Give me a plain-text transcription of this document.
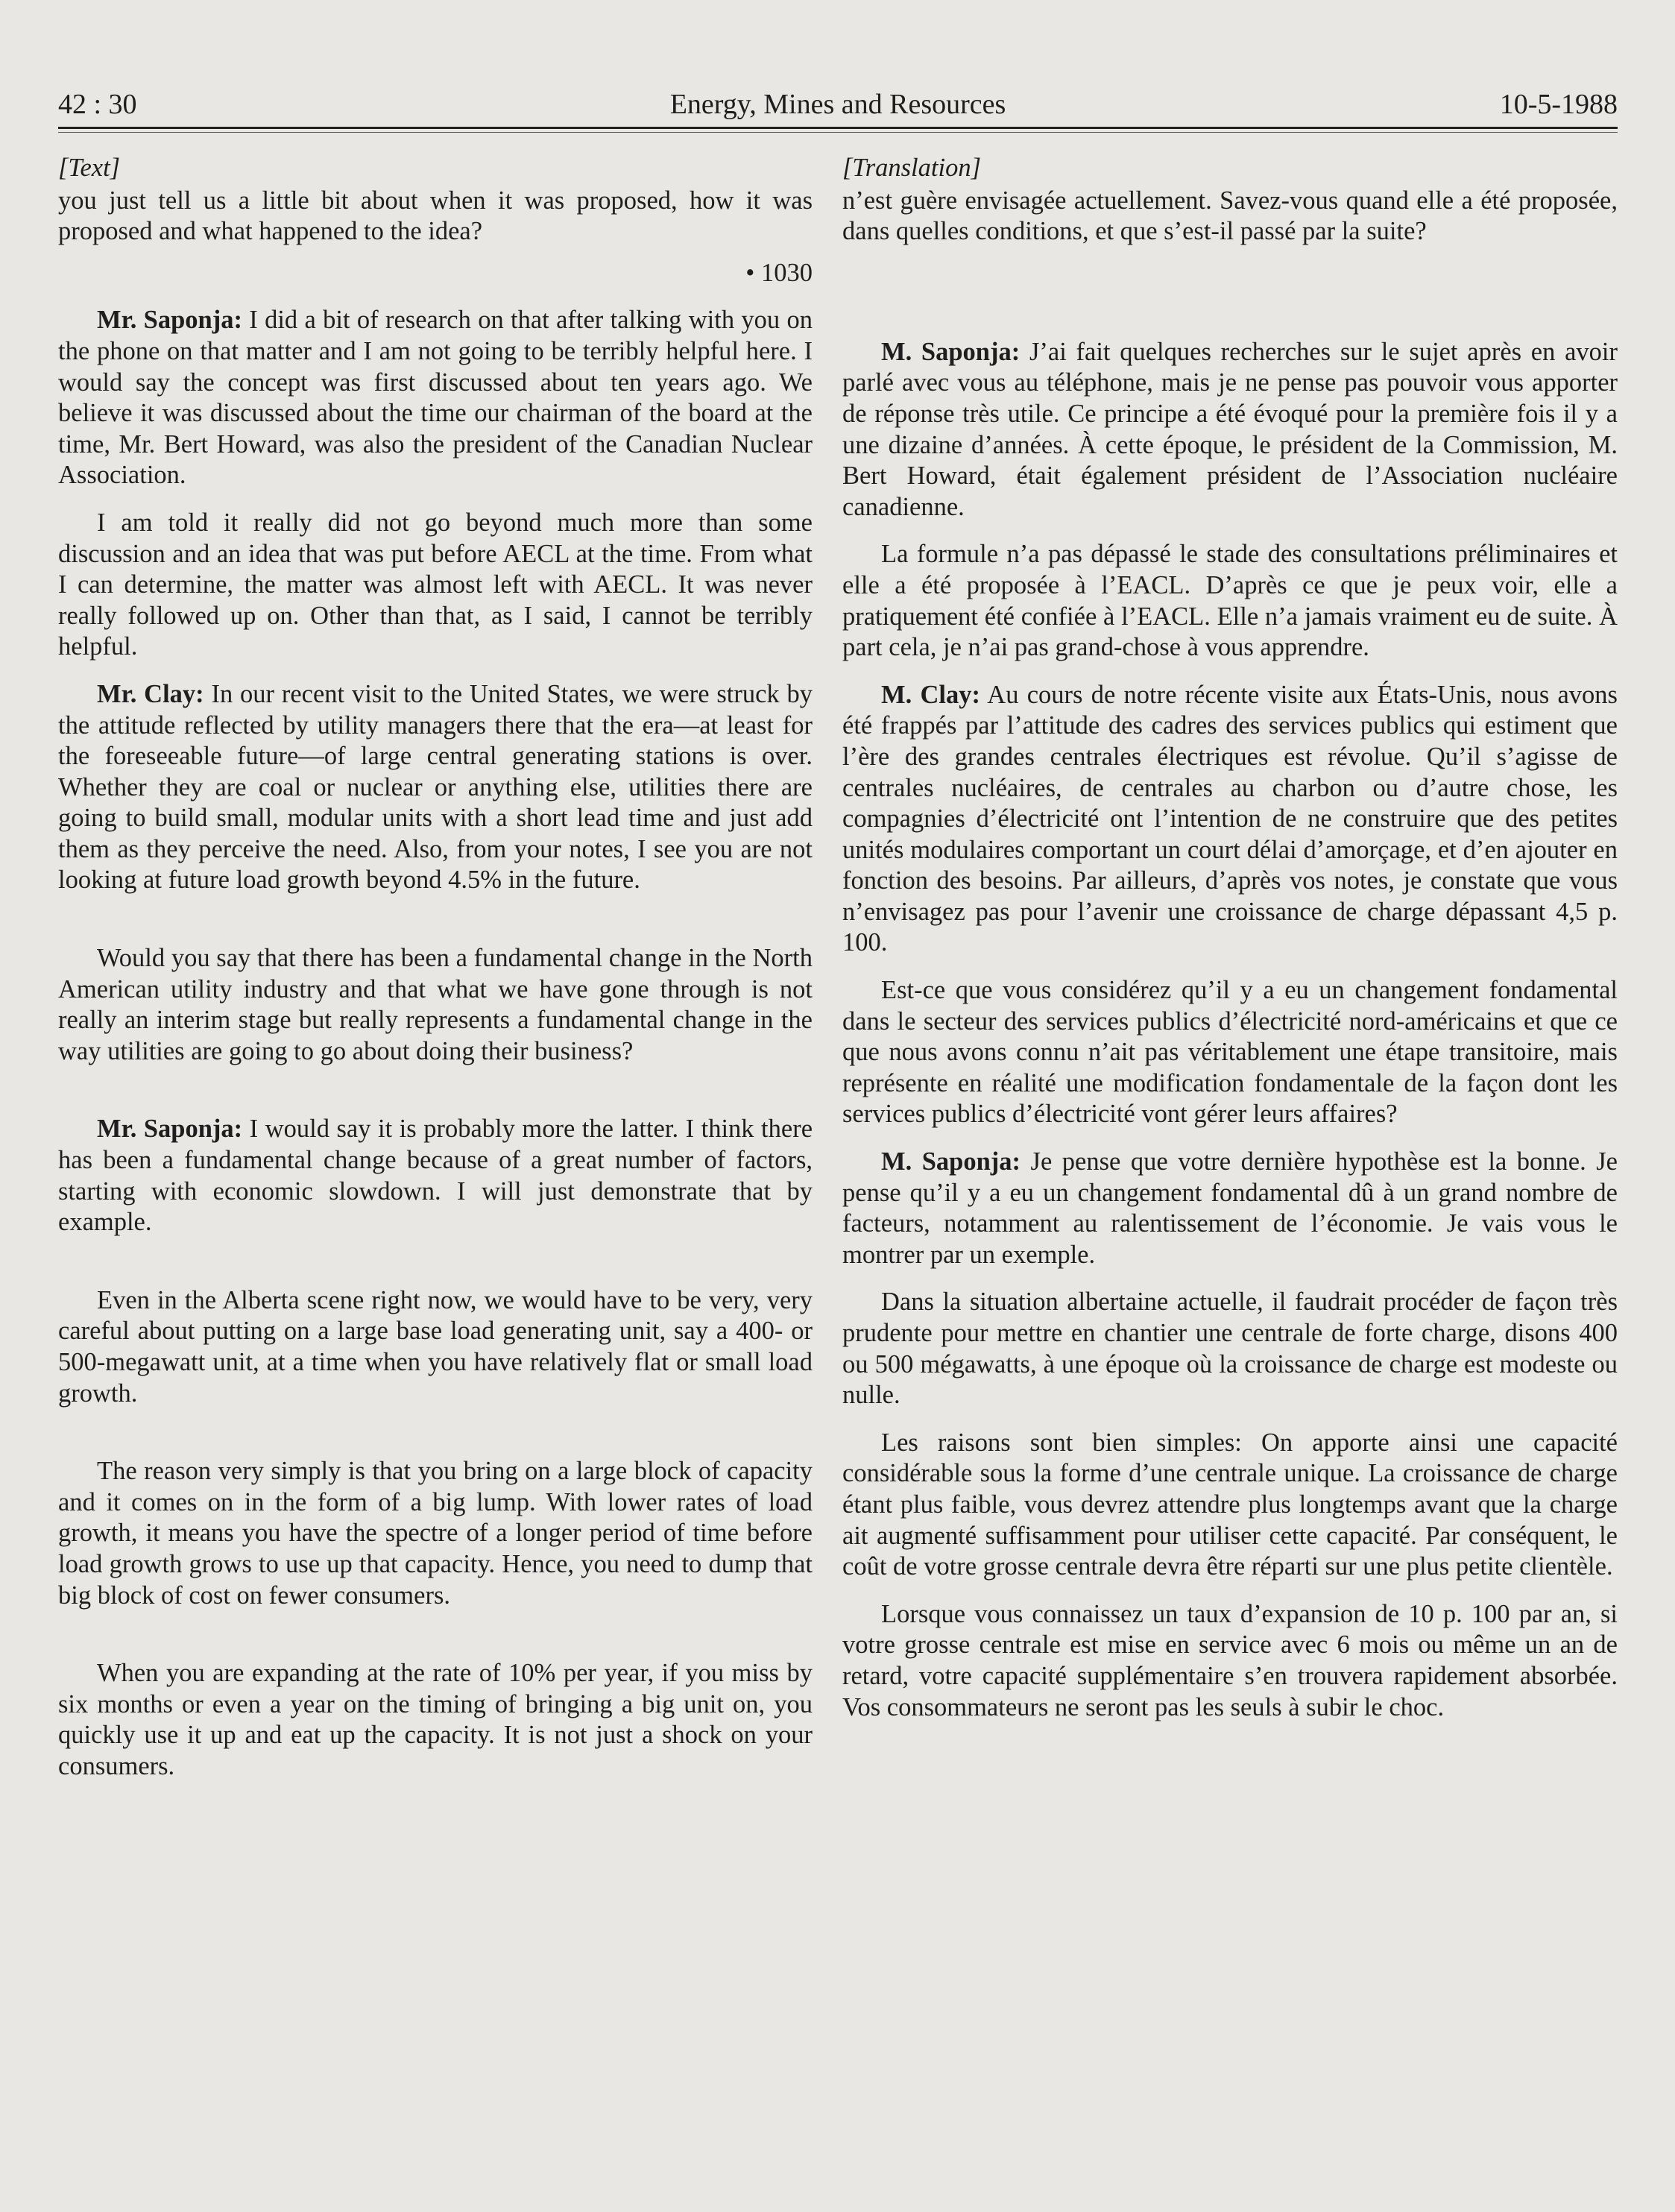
42 : 30	Energy, Mines and Resources	10-5-1988
[Text]

you just tell us a little bit about when it was proposed, how it was proposed and what happened to the idea?

• 1030

Mr. Saponja: I did a bit of research on that after talking with you on the phone on that matter and I am not going to be terribly helpful here. I would say the concept was first discussed about ten years ago. We believe it was discussed about the time our chairman of the board at the time, Mr. Bert Howard, was also the president of the Canadian Nuclear Association.

I am told it really did not go beyond much more than some discussion and an idea that was put before AECL at the time. From what I can determine, the matter was almost left with AECL. It was never really followed up on. Other than that, as I said, I cannot be terribly helpful.

Mr. Clay: In our recent visit to the United States, we were struck by the attitude reflected by utility managers there that the era—at least for the foreseeable future—of large central generating stations is over. Whether they are coal or nuclear or anything else, utilities there are going to build small, modular units with a short lead time and just add them as they perceive the need. Also, from your notes, I see you are not looking at future load growth beyond 4.5% in the future.

Would you say that there has been a fundamental change in the North American utility industry and that what we have gone through is not really an interim stage but really represents a fundamental change in the way utilities are going to go about doing their business?

Mr. Saponja: I would say it is probably more the latter. I think there has been a fundamental change because of a great number of factors, starting with economic slowdown. I will just demonstrate that by example.

Even in the Alberta scene right now, we would have to be very, very careful about putting on a large base load generating unit, say a 400- or 500-megawatt unit, at a time when you have relatively flat or small load growth.

The reason very simply is that you bring on a large block of capacity and it comes on in the form of a big lump. With lower rates of load growth, it means you have the spectre of a longer period of time before load growth grows to use up that capacity. Hence, you need to dump that big block of cost on fewer consumers.

When you are expanding at the rate of 10% per year, if you miss by six months or even a year on the timing of bringing a big unit on, you quickly use it up and eat up the capacity. It is not just a shock on your consumers.

[Translation]

n’est guère envisagée actuellement. Savez-vous quand elle a été proposée, dans quelles conditions, et que s’est-il passé par la suite?

M. Saponja: J’ai fait quelques recherches sur le sujet après en avoir parlé avec vous au téléphone, mais je ne pense pas pouvoir vous apporter de réponse très utile. Ce principe a été évoqué pour la première fois il y a une dizaine d’années. À cette époque, le président de la Commission, M. Bert Howard, était également président de l’Association nucléaire canadienne.

La formule n’a pas dépassé le stade des consultations préliminaires et elle a été proposée à l’EACL. D’après ce que je peux voir, elle a pratiquement été confiée à l’EACL. Elle n’a jamais vraiment eu de suite. À part cela, je n’ai pas grand-chose à vous apprendre.

M. Clay: Au cours de notre récente visite aux États-Unis, nous avons été frappés par l’attitude des cadres des services publics qui estiment que l’ère des grandes centrales électriques est révolue. Qu’il s’agisse de centrales nucléaires, de centrales au charbon ou d’autre chose, les compagnies d’électricité ont l’intention de ne construire que des petites unités modulaires comportant un court délai d’amorçage, et d’en ajouter en fonction des besoins. Par ailleurs, d’après vos notes, je constate que vous n’envisagez pas pour l’avenir une croissance de charge dépassant 4,5 p. 100.

Est-ce que vous considérez qu’il y a eu un changement fondamental dans le secteur des services publics d’électricité nord-américains et que ce que nous avons connu n’ait pas véritablement une étape transitoire, mais représente en réalité une modification fondamentale de la façon dont les services publics d’électricité vont gérer leurs affaires?

M. Saponja: Je pense que votre dernière hypothèse est la bonne. Je pense qu’il y a eu un changement fondamental dû à un grand nombre de facteurs, notamment au ralentissement de l’économie. Je vais vous le montrer par un exemple.

Dans la situation albertaine actuelle, il faudrait procéder de façon très prudente pour mettre en chantier une centrale de forte charge, disons 400 ou 500 mégawatts, à une époque où la croissance de charge est modeste ou nulle.

Les raisons sont bien simples: On apporte ainsi une capacité considérable sous la forme d’une centrale unique. La croissance de charge étant plus faible, vous devrez attendre plus longtemps avant que la charge ait augmenté suffisamment pour utiliser cette capacité. Par conséquent, le coût de votre grosse centrale devra être réparti sur une plus petite clientèle.

Lorsque vous connaissez un taux d’expansion de 10 p. 100 par an, si votre grosse centrale est mise en service avec 6 mois ou même un an de retard, votre capacité supplémentaire s’en trouvera rapidement absorbée. Vos consommateurs ne seront pas les seuls à subir le choc.
